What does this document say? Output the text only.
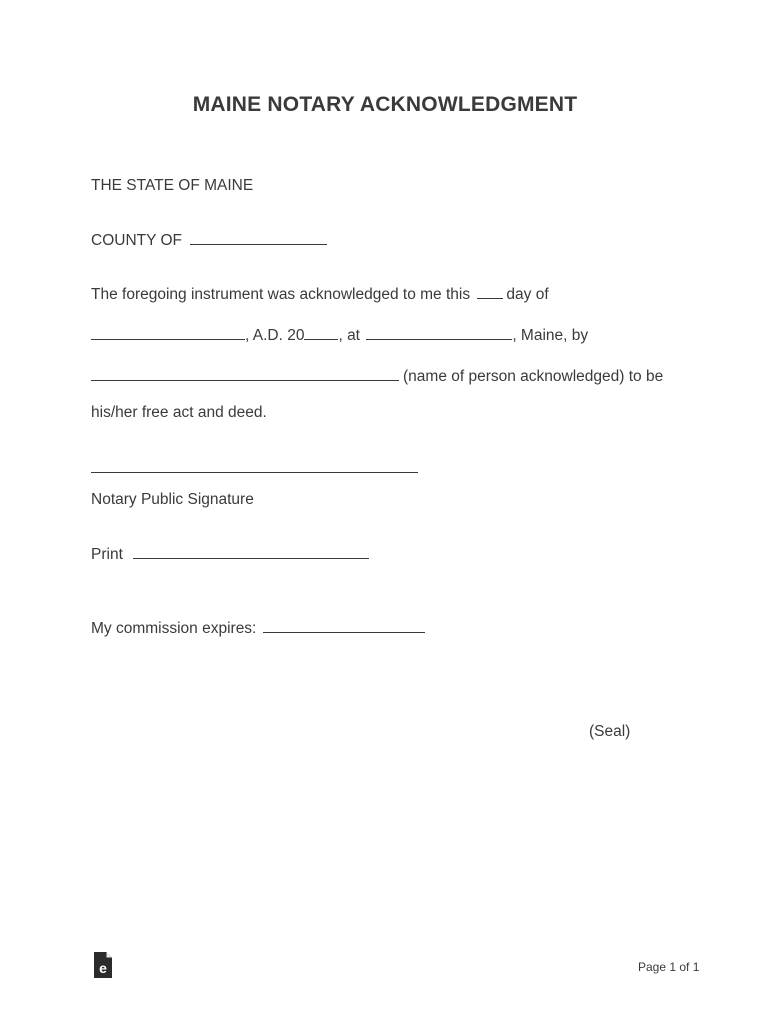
MAINE NOTARY ACKNOWLEDGMENT
THE STATE OF MAINE
COUNTY OF
The foregoing instrument was acknowledged to me this day of
, A.D. 20 , at	, Maine, by
(name of person acknowledged) to be
his/her free act and deed.
Notary Public Signature
Print
My commission expires:
(Seal)
e	Page 1 of 1
